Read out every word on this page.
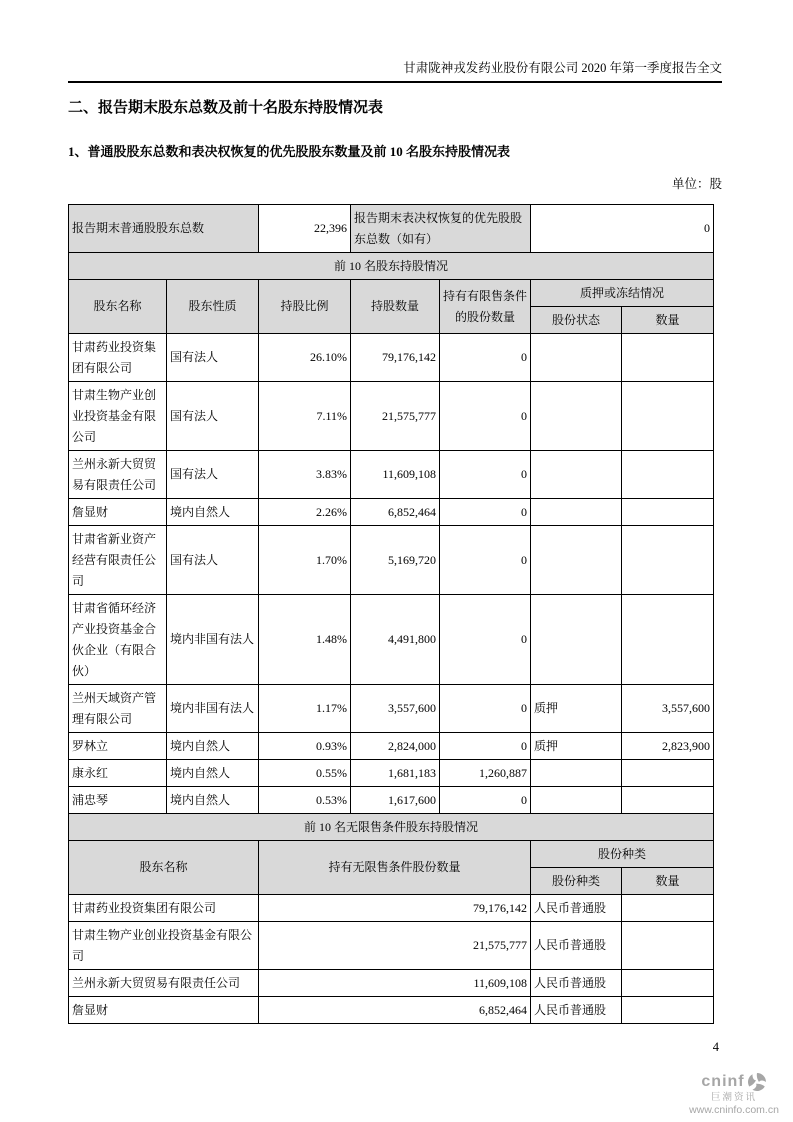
甘肃陇神戎发药业股份有限公司 2020 年第一季度报告全文
二、报告期末股东总数及前十名股东持股情况表
1、普通股股东总数和表决权恢复的优先股股东数量及前 10 名股东持股情况表
单位：股
报告期末普通股股东总数		22,396	报告期末表决权恢复的优先股股东总数（如有）		0	
前 10 名股东持股情况						
股东名称	股东性质	持股比例	持股数量	持有有限售条件的股份数量	质押或冻结情况	
					股份状态	数量
甘肃药业投资集团有限公司	国有法人	26.10%	79,176,142	0		
甘肃生物产业创业投资基金有限公司	国有法人	7.11%	21,575,777	0		
兰州永新大贸贸易有限责任公司	国有法人	3.83%	11,609,108	0		
詹显财	境内自然人	2.26%	6,852,464	0		
甘肃省新业资产经营有限责任公司	国有法人	1.70%	5,169,720	0		
甘肃省循环经济产业投资基金合伙企业（有限合伙）	境内非国有法人	1.48%	4,491,800	0		
兰州天域资产管理有限公司	境内非国有法人	1.17%	3,557,600	0	质押	3,557,600
罗林立	境内自然人	0.93%	2,824,000	0	质押	2,823,900
康永红	境内自然人	0.55%	1,681,183	1,260,887		
浦忠琴	境内自然人	0.53%	1,617,600	0		
前 10 名无限售条件股东持股情况						
股东名称		持有无限售条件股份数量			股份种类	
					股份种类	数量
甘肃药业投资集团有限公司		79,176,142			人民币普通股	
甘肃生物产业创业投资基金有限公司		21,575,777			人民币普通股	
兰州永新大贸贸易有限责任公司		11,609,108			人民币普通股	
詹显财		6,852,464			人民币普通股	
4
cninf
巨潮资讯
www.cninfo.com.cn
